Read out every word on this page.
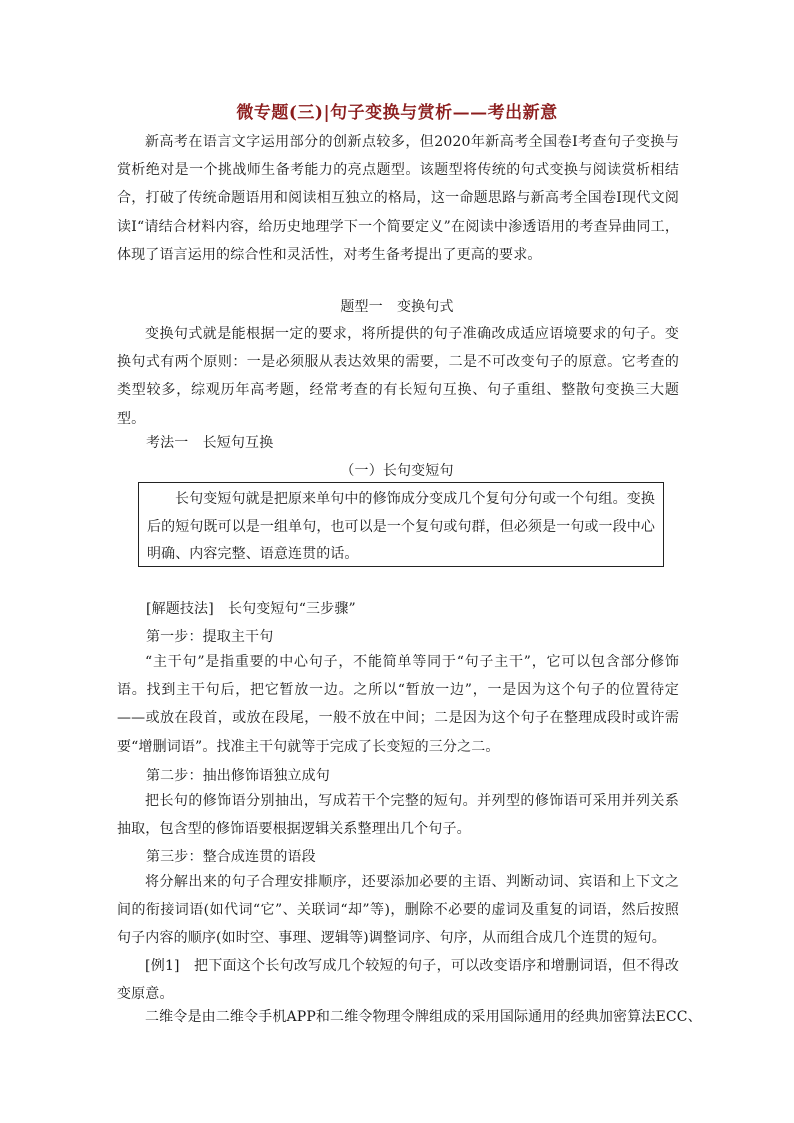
微专题(三)|句子变换与赏析——考出新意

新高考在语言文字运用部分的创新点较多，但2020年新高考全国卷Ⅰ考查句子变换与赏析绝对是一个挑战师生备考能力的亮点题型。该题型将传统的句式变换与阅读赏析相结合，打破了传统命题语用和阅读相互独立的格局，这一命题思路与新高考全国卷Ⅰ现代文阅读Ⅰ“请结合材料内容，给历史地理学下一个简要定义”在阅读中渗透语用的考查异曲同工，体现了语言运用的综合性和灵活性，对考生备考提出了更高的要求。

题型一　变换句式

变换句式就是能根据一定的要求，将所提供的句子准确改成适应语境要求的句子。变换句式有两个原则：一是必须服从表达效果的需要，二是不可改变句子的原意。它考查的类型较多，综观历年高考题，经常考查的有长短句互换、句子重组、整散句变换三大题型。

考法一　长短句互换

（一）长句变短句

长句变短句就是把原来单句中的修饰成分变成几个复句分句或一个句组。变换后的短句既可以是一组单句，也可以是一个复句或句群，但必须是一句或一段中心明确、内容完整、语意连贯的话。

[解题技法]　长句变短句“三步骤”

第一步：提取主干句

“主干句”是指重要的中心句子，不能简单等同于“句子主干”，它可以包含部分修饰语。找到主干句后，把它暂放一边。之所以“暂放一边”，一是因为这个句子的位置待定——或放在段首，或放在段尾，一般不放在中间；二是因为这个句子在整理成段时或许需要“增删词语”。找准主干句就等于完成了长变短的三分之二。

第二步：抽出修饰语独立成句

把长句的修饰语分别抽出，写成若干个完整的短句。并列型的修饰语可采用并列关系抽取，包含型的修饰语要根据逻辑关系整理出几个句子。

第三步：整合成连贯的语段

将分解出来的句子合理安排顺序，还要添加必要的主语、判断动词、宾语和上下文之间的衔接词语(如代词“它”、关联词“却”等)，删除不必要的虚词及重复的词语，然后按照句子内容的顺序(如时空、事理、逻辑等)调整词序、句序，从而组合成几个连贯的短句。

[例1]　把下面这个长句改写成几个较短的句子，可以改变语序和增删词语，但不得改变原意。

二维令是由二维令手机APP和二维令物理令牌组成的采用国际通用的经典加密算法ECC、
